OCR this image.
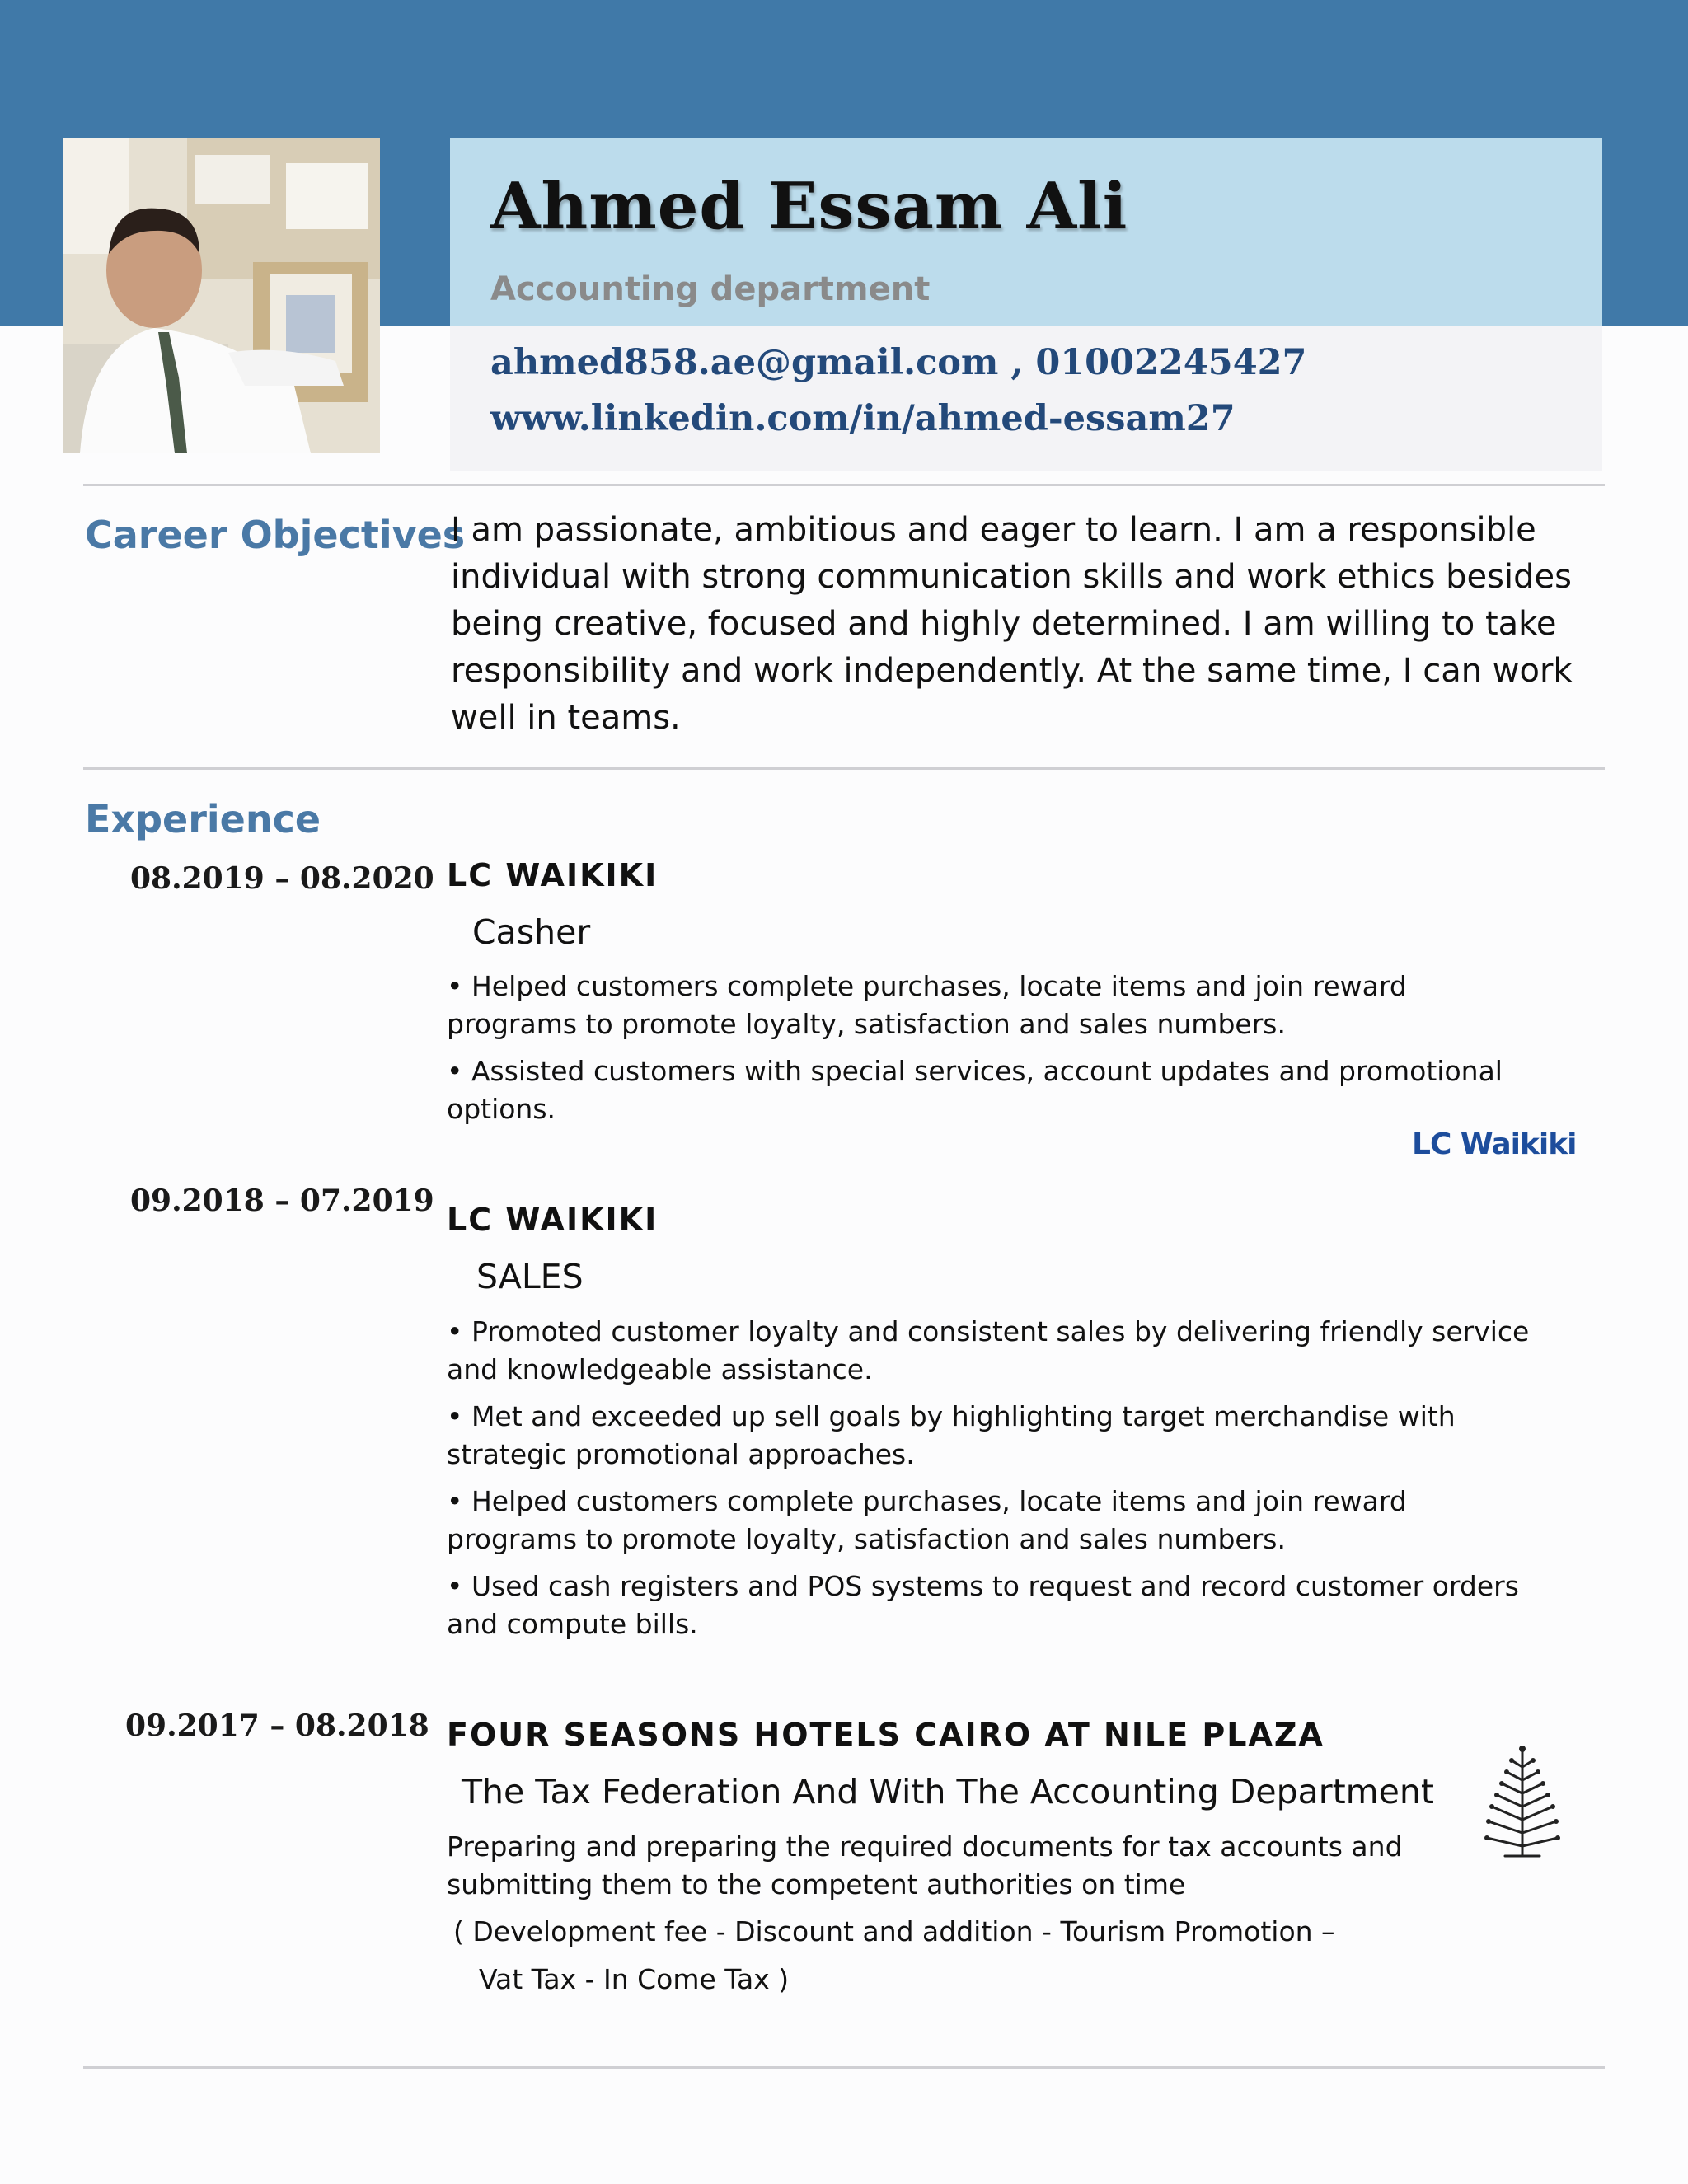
Ahmed Essam Ali
Accounting department
ahmed858.ae@gmail.com , 01002245427
www.linkedin.com/in/ahmed-essam27
Career Objectives
I am passionate, ambitious and eager to learn. I am a responsible individual with strong communication skills and work ethics besides being creative, focused and highly determined. I am willing to take responsibility and work independently. At the same time, I can work well in teams.
Experience
08.2019 – 08.2020 LC WAIKIKI
Casher
• Helped customers complete purchases, locate items and join reward programs to promote loyalty, satisfaction and sales numbers.
• Assisted customers with special services, account updates and promotional options.
LC Waikiki
09.2018 – 07.2019
LC WAIKIKI
SALES
• Promoted customer loyalty and consistent sales by delivering friendly service and knowledgeable assistance.
• Met and exceeded up sell goals by highlighting target merchandise with strategic promotional approaches.
• Helped customers complete purchases, locate items and join reward programs to promote loyalty, satisfaction and sales numbers.
• Used cash registers and POS systems to request and record customer orders and compute bills.
09.2017 – 08.2018 FOUR SEASONS HOTELS CAIRO AT NILE PLAZA
The Tax Federation And With The Accounting Department
Preparing and preparing the required documents for tax accounts and
submitting them to the competent authorities on time
( Development fee - Discount and addition - Tourism Promotion –
Vat Tax - In Come Tax )
